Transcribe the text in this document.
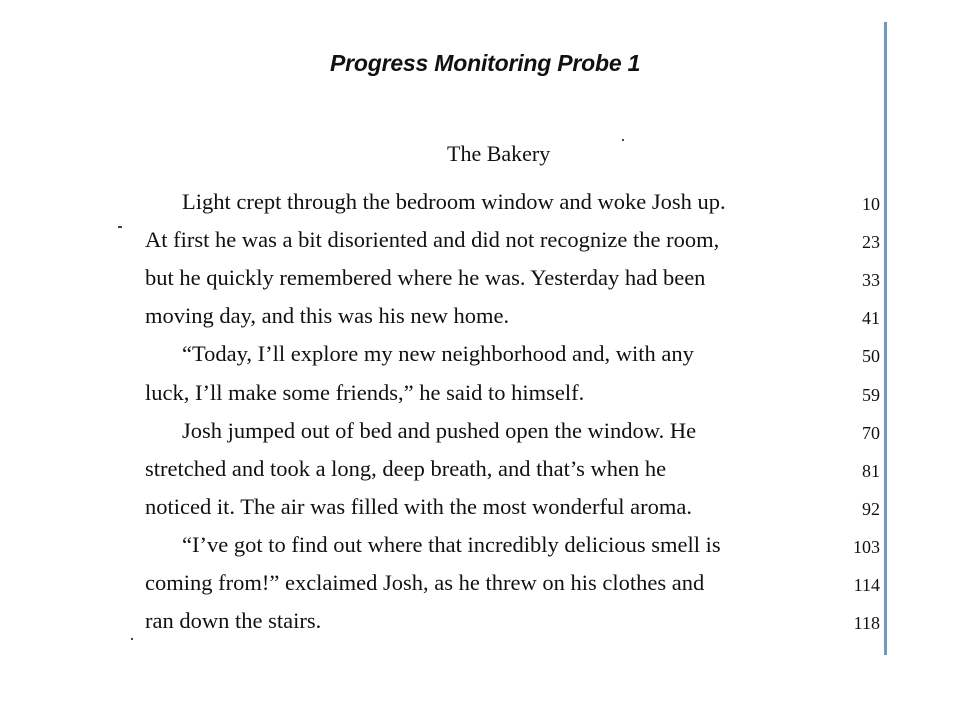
Progress Monitoring Probe 1
The Bakery
Light crept through the bedroom window and woke Josh up.	10
At first he was a bit disoriented and did not recognize the room,	23
but he quickly remembered where he was. Yesterday had been	33
moving day, and this was his new home.	41
“Today, I’ll explore my new neighborhood and, with any	50
luck, I’ll make some friends,” he said to himself.	59
Josh jumped out of bed and pushed open the window. He	70
stretched and took a long, deep breath, and that’s when he	81
noticed it. The air was filled with the most wonderful aroma.	92
“I’ve got to find out where that incredibly delicious smell is	103
coming from!” exclaimed Josh, as he threw on his clothes and	114
ran down the stairs.	118
